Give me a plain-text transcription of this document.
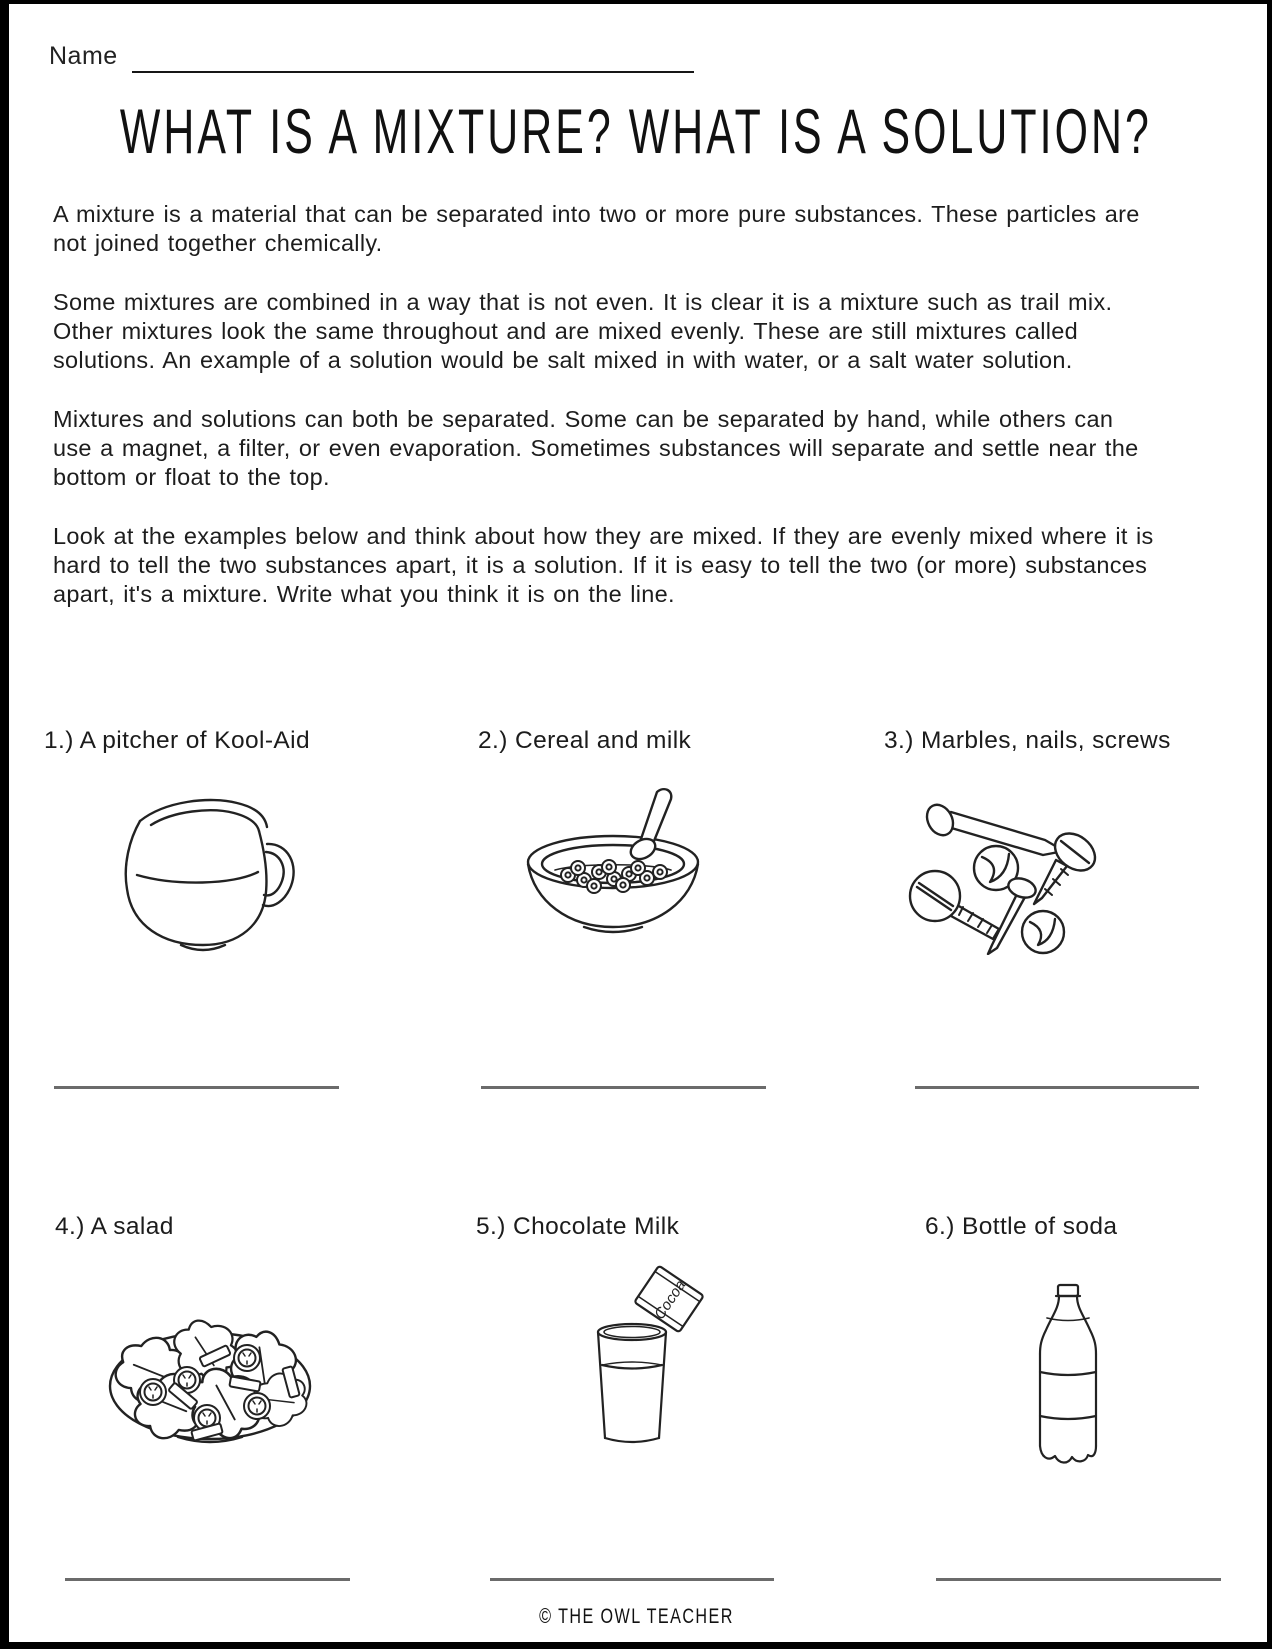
Name
WHAT IS A MIXTURE? WHAT IS A SOLUTION?

A mixture is a material that can be separated into two or more pure substances. These particles are not joined together chemically.

Some mixtures are combined in a way that is not even. It is clear it is a mixture such as trail mix. Other mixtures look the same throughout and are mixed evenly. These are still mixtures called solutions. An example of a solution would be salt mixed in with water, or a salt water solution.

Mixtures and solutions can both be separated. Some can be separated by hand, while others can use a magnet, a filter, or even evaporation. Sometimes substances will separate and settle near the bottom or float to the top.

Look at the examples below and think about how they are mixed. If they are evenly mixed where it is hard to tell the two substances apart, it is a solution. If it is easy to tell the two (or more) substances apart, it's a mixture. Write what you think it is on the line.

1.) A pitcher of Kool-Aid	2.) Cereal and milk	3.) Marbles, nails, screws
4.) A salad	5.) Chocolate Milk	6.) Bottle of soda
Cocoa
© THE OWL TEACHER
